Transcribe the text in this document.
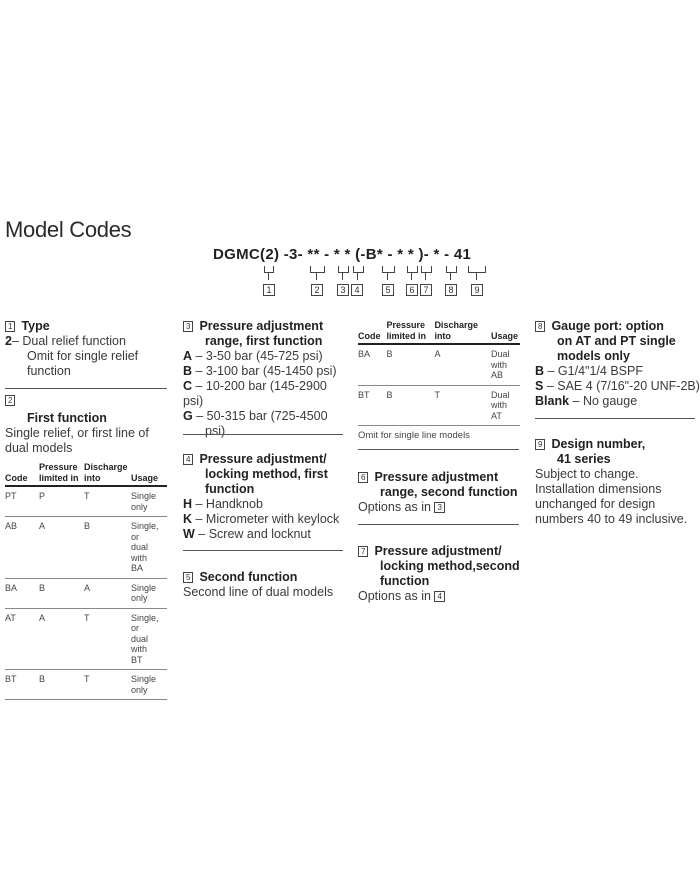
Model Codes
DGMC(2) -3- ** - * * (-B* - * * )- * - 41
1	2	3 4	5	6 7	8	9
1 Type
2– Dual relief function
Omit for single relief
function
2
First function
Single relief, or first line of
dual models
Code	Pressure
limited in	Discharge
into	Usage
PT	P	T	Single
only
AB	A	B	Single, or
dual with
BA
BA	B	A	Single
only
AT	A	T	Single, or
dual with
BT
BT	B	T	Single
only
3 Pressure adjustment
range, first function
A – 3-50 bar (45-725 psi)
B – 3-100 bar (45-1450 psi)
C – 10-200 bar (145-2900 psi)
G – 50-315 bar (725-4500
psi)
4 Pressure adjustment/
locking method, first
function
H – Handknob
K – Micrometer with keylock
W – Screw and locknut
5 Second function
Second line of dual models
Code	Pressure
limited in	Discharge
into	Usage
BA	B	A	Dual
with
AB
BT	B	T	Dual
with
AT
Omit for single line models
6 Pressure adjustment
range, second function
Options as in 3
7 Pressure adjustment/
locking method,second
function
Options as in 4
8 Gauge port: option
on AT and PT single
models only
B – G1/4"1/4 BSPF
S – SAE 4 (7/16"-20 UNF-2B)
Blank – No gauge
9 Design number,
41 series
Subject to change.
Installation dimensions
unchanged for design
numbers 40 to 49 inclusive.
